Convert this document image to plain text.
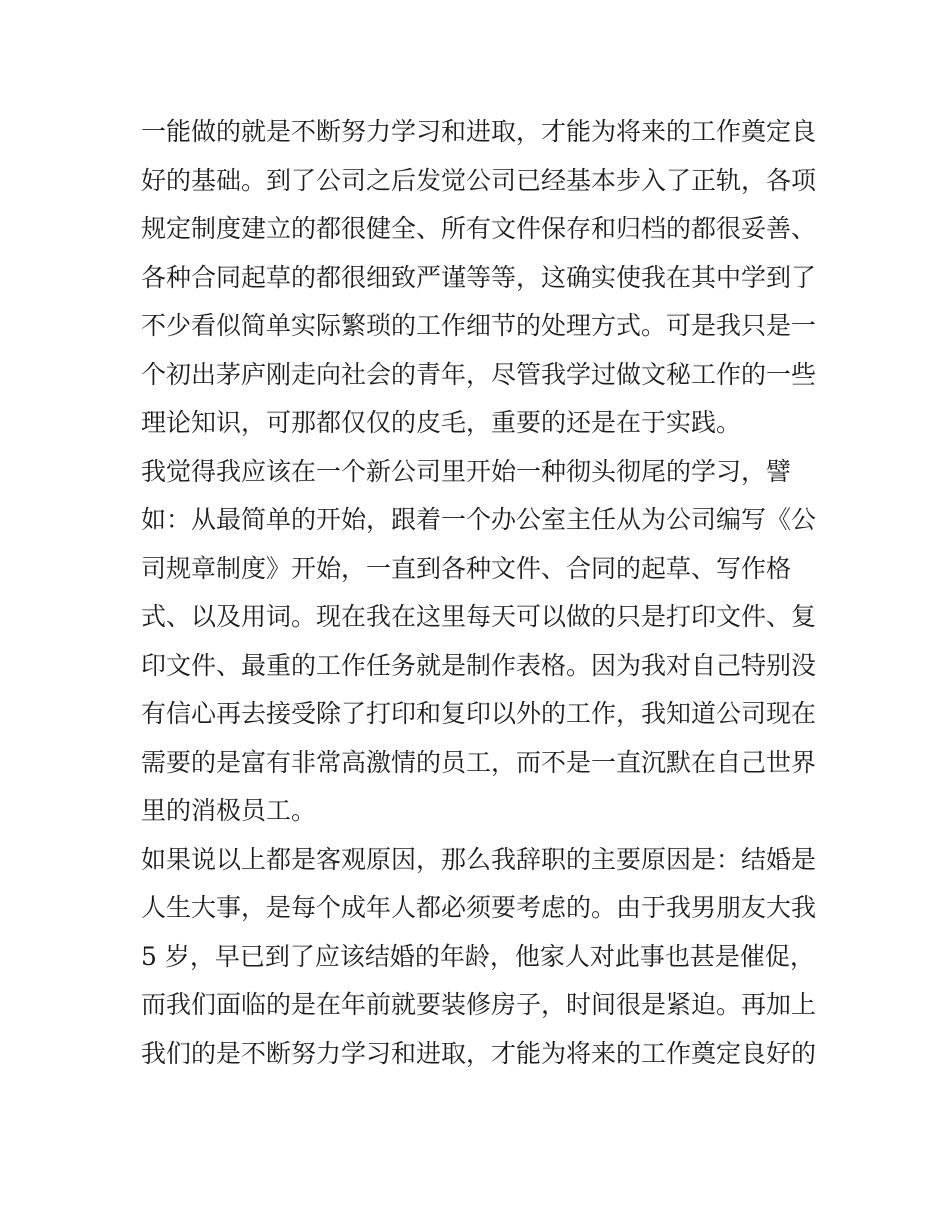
一能做的就是不断努力学习和进取，才能为将来的工作奠定良
好的基础。到了公司之后发觉公司已经基本步入了正轨，各项
规定制度建立的都很健全、所有文件保存和归档的都很妥善、
各种合同起草的都很细致严谨等等，这确实使我在其中学到了
不少看似简单实际繁琐的工作细节的处理方式。可是我只是一
个初出茅庐刚走向社会的青年，尽管我学过做文秘工作的一些
理论知识，可那都仅仅的皮毛，重要的还是在于实践。
我觉得我应该在一个新公司里开始一种彻头彻尾的学习，譬
如：从最简单的开始，跟着一个办公室主任从为公司编写《公
司规章制度》开始，一直到各种文件、合同的起草、写作格
式、以及用词。现在我在这里每天可以做的只是打印文件、复
印文件、最重的工作任务就是制作表格。因为我对自己特别没
有信心再去接受除了打印和复印以外的工作，我知道公司现在
需要的是富有非常高激情的员工，而不是一直沉默在自己世界
里的消极员工。
如果说以上都是客观原因，那么我辞职的主要原因是：结婚是
人生大事，是每个成年人都必须要考虑的。由于我男朋友大我
5 岁，早已到了应该结婚的年龄，他家人对此事也甚是催促，
而我们面临的是在年前就要装修房子，时间很是紧迫。再加上
我们的是不断努力学习和进取，才能为将来的工作奠定良好的
